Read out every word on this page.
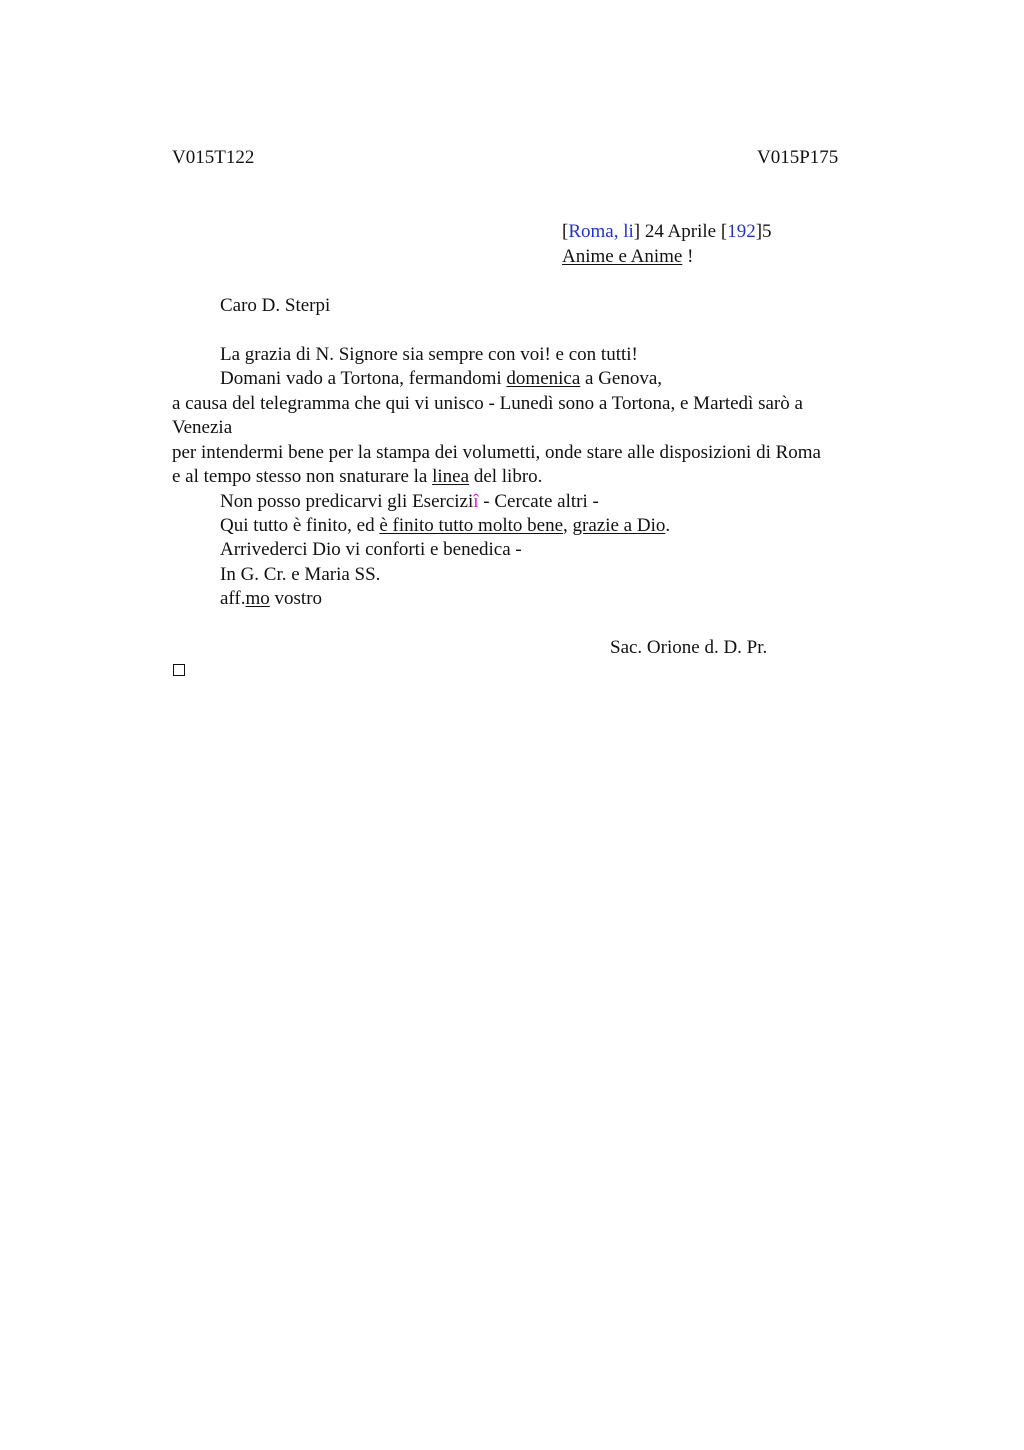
V015T122	V015P175
[Roma, li] 24 Aprile [192]5
Anime e Anime !
Caro D. Sterpi
La grazia di N. Signore sia sempre con voi! e con tutti!
Domani vado a Tortona, fermandomi domenica a Genova,
a causa del telegramma che qui vi unisco - Lunedì sono a Tortona, e Martedì sarò a
Venezia
per intendermi bene per la stampa dei volumetti, onde stare alle disposizioni di Roma
e al tempo stesso non snaturare la linea del libro.
Non posso predicarvi gli Eserciziî - Cercate altri -
Qui tutto è finito, ed è finito tutto molto bene, grazie a Dio.
Arrivederci Dio vi conforti e benedica -
In G. Cr. e Maria SS.
aff.mo vostro
Sac. Orione d. D. Pr.
